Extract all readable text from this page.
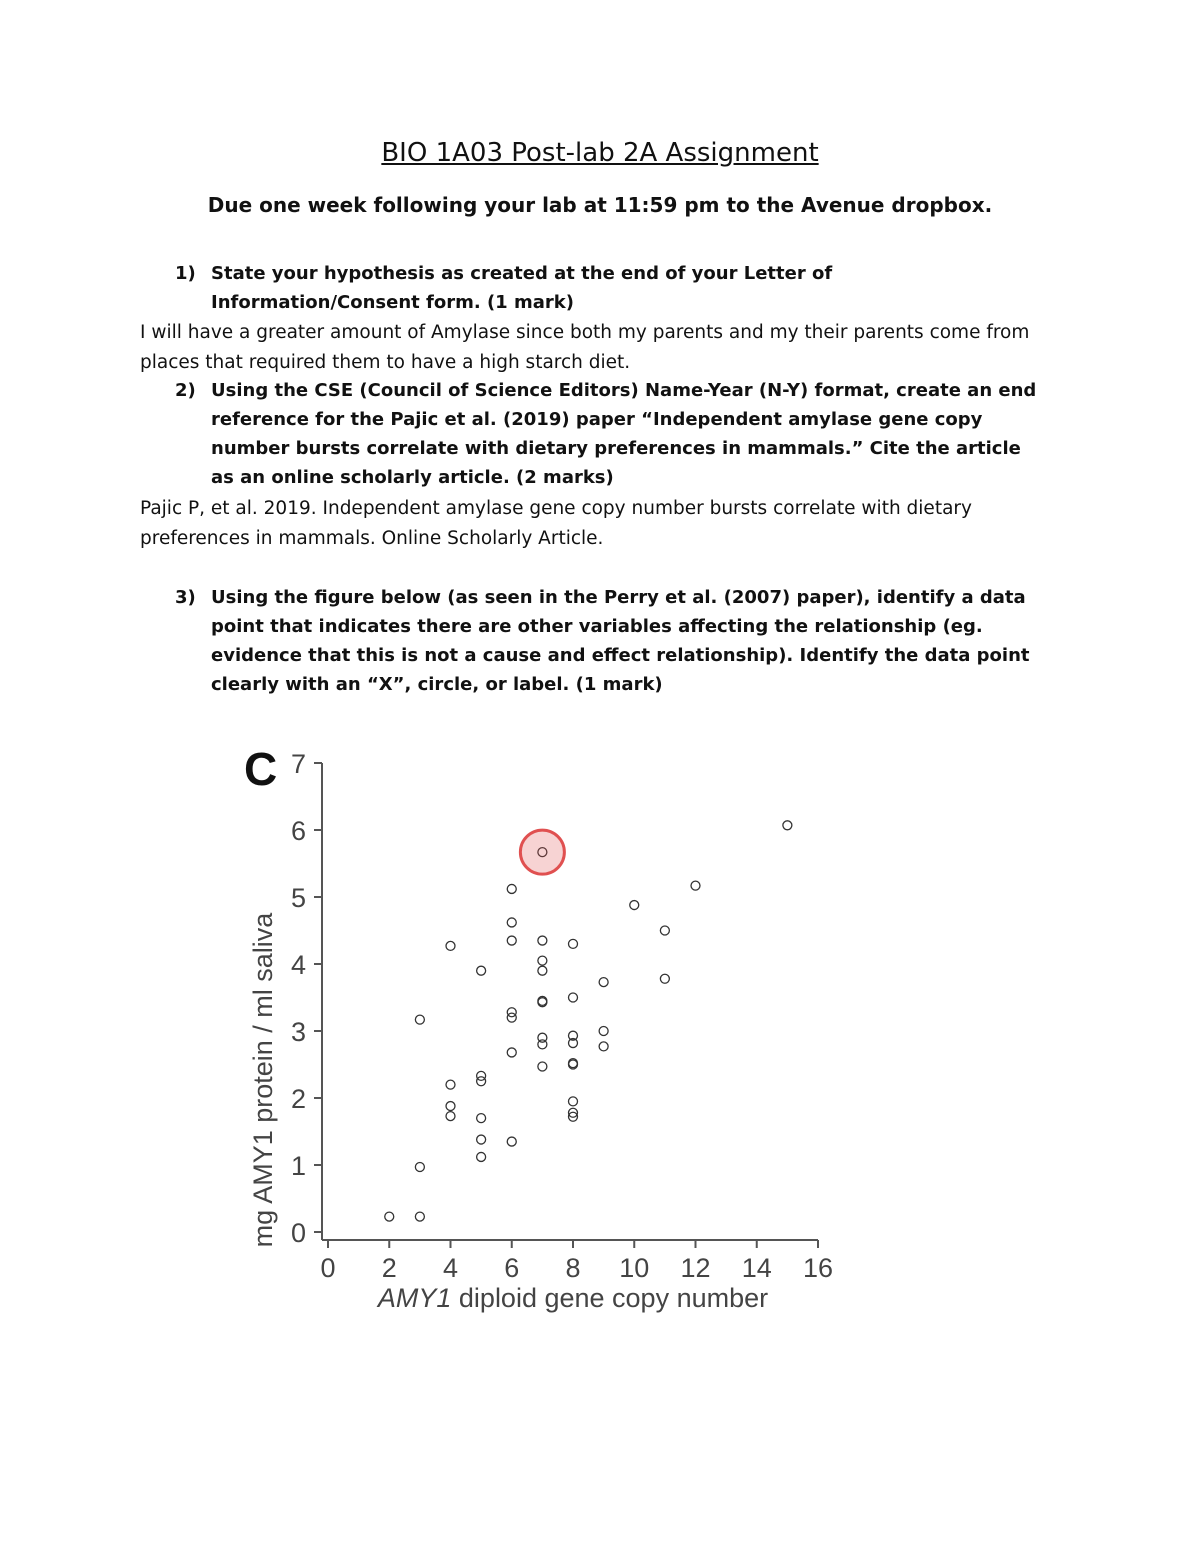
BIO 1A03 Post-lab 2A Assignment
Due one week following your lab at 11:59 pm to the Avenue dropbox.
1) State your hypothesis as created at the end of your Letter of Information/Consent form. (1 mark)
I will have a greater amount of Amylase since both my parents and my their parents come from places that required them to have a high starch diet.
2) Using the CSE (Council of Science Editors) Name-Year (N-Y) format, create an end reference for the Pajic et al. (2019) paper “Independent amylase gene copy number bursts correlate with dietary preferences in mammals.” Cite the article as an online scholarly article. (2 marks)
Pajic P, et al. 2019. Independent amylase gene copy number bursts correlate with dietary preferences in mammals. Online Scholarly Article.
3) Using the figure below (as seen in the Perry et al. (2007) paper), identify a data point that indicates there are other variables affecting the relationship (eg. evidence that this is not a cause and effect relationship). Identify the data point clearly with an “X”, circle, or label. (1 mark)
C
0
1
2
3
4
5
6
7
0 2 4 6 8 10 12 14 16
mg AMY1 protein / ml saliva
AMY1 diploid gene copy number
